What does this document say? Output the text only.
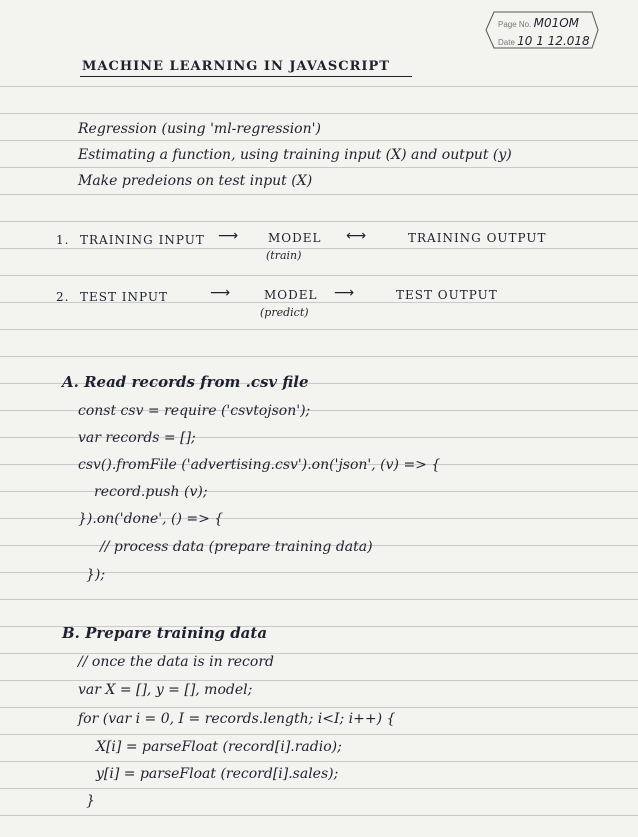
Page No. M01OM
Date 10 1 12.018
MACHINE LEARNING IN JAVASCRIPT
Regression (using 'ml-regression')
Estimating a function, using training input (X) and output (y)
Make predeions on test input (X)
1. TRAINING INPUT ⟶ MODEL
(train)
⟷	TRAINING OUTPUT
2. TEST INPUT	⟶	MODEL
(predict)
⟶	TEST OUTPUT
A. Read records from .csv file
const csv = require ('csvtojson');
var records = [];
csv().fromFile ('advertising.csv').on('json', (v) => {
record.push (v);
}).on('done', () => {
// process data (prepare training data)
});
B. Prepare training data
// once the data is in record
var X = [], y = [], model;
for (var i = 0, I = records.length; i<I; i++) {
X[i] = parseFloat (record[i].radio);
y[i] = parseFloat (record[i].sales);
}
